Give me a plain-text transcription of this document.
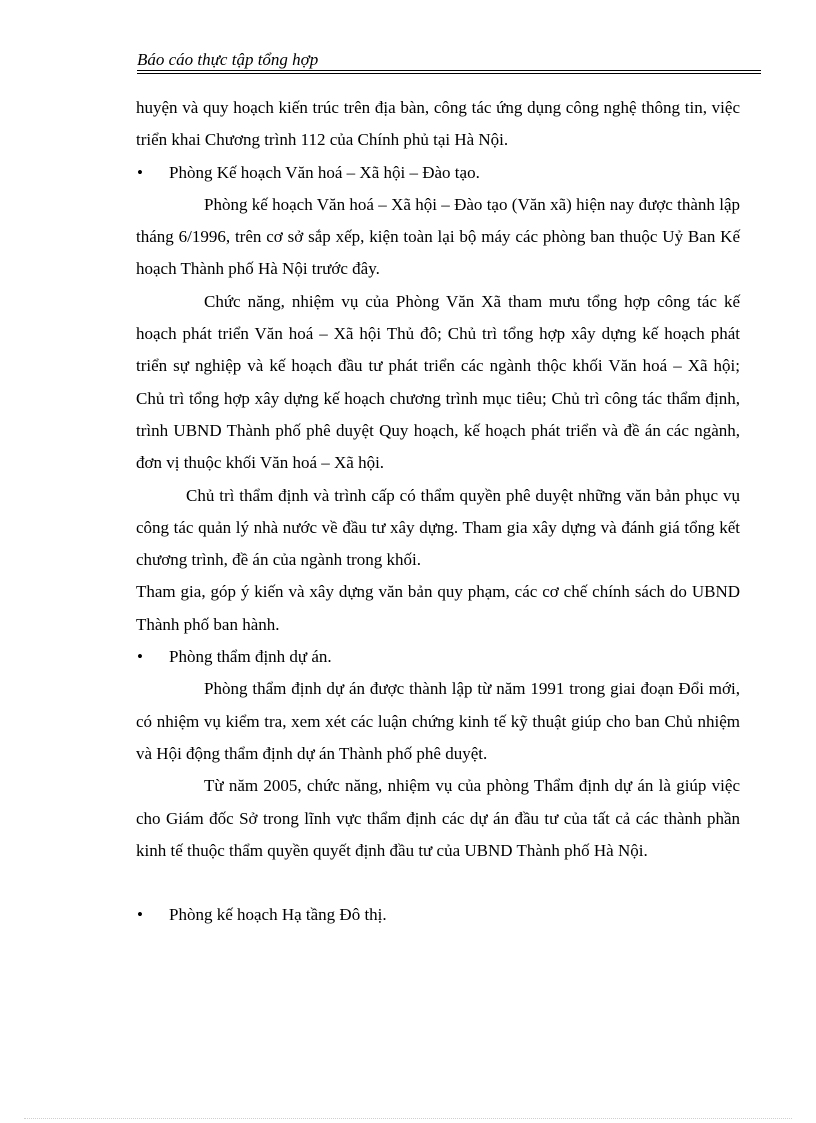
Báo cáo thực tập tổng hợp

huyện và quy hoạch kiến trúc trên địa bàn, công tác ứng dụng công nghệ thông tin, việc triển khai Chương trình 112 của Chính phủ tại Hà Nội.

• Phòng Kế hoạch Văn hoá – Xã hội – Đào tạo.

Phòng kế hoạch Văn hoá – Xã hội – Đào tạo (Văn xã) hiện nay được thành lập tháng 6/1996, trên cơ sở sắp xếp, kiện toàn lại bộ máy các phòng ban thuộc Uỷ Ban Kế hoạch Thành phố Hà Nội trước đây.

Chức năng, nhiệm vụ của Phòng Văn Xã tham mưu tổng hợp công tác kế hoạch phát triển Văn hoá – Xã hội Thủ đô; Chủ trì tổng hợp xây dựng kế hoạch phát triển sự nghiệp và kế hoạch đầu tư phát triển các ngành thộc khối Văn hoá – Xã hội; Chủ trì tổng hợp xây dựng kế hoạch chương trình mục tiêu; Chủ trì công tác thẩm định, trình UBND Thành phố phê duyệt Quy hoạch, kế hoạch phát triển và đề án các ngành, đơn vị thuộc khối Văn hoá – Xã hội.

Chủ trì thẩm định và trình cấp có thẩm quyền phê duyệt những văn bản phục vụ công tác quản lý nhà nước về đầu tư xây dựng. Tham gia xây dựng và đánh giá tổng kết chương trình, đề án của ngành trong khối.

Tham gia, góp ý kiến và xây dựng văn bản quy phạm, các cơ chế chính sách do UBND Thành phố ban hành.

• Phòng thẩm định dự án.

Phòng thẩm định dự án được thành lập từ năm 1991 trong giai đoạn Đổi mới, có nhiệm vụ kiểm tra, xem xét các luận chứng kinh tế kỹ thuật giúp cho ban Chủ nhiệm và Hội động thẩm định dự án Thành phố phê duyệt.

Từ năm 2005, chức năng, nhiệm vụ của phòng Thẩm định dự án là giúp việc cho Giám đốc Sở trong lĩnh vực thẩm định các dự án đầu tư của tất cả các thành phần kinh tế thuộc thẩm quyền quyết định đầu tư của UBND Thành phố Hà Nội.

• Phòng kế hoạch Hạ tầng Đô thị.
